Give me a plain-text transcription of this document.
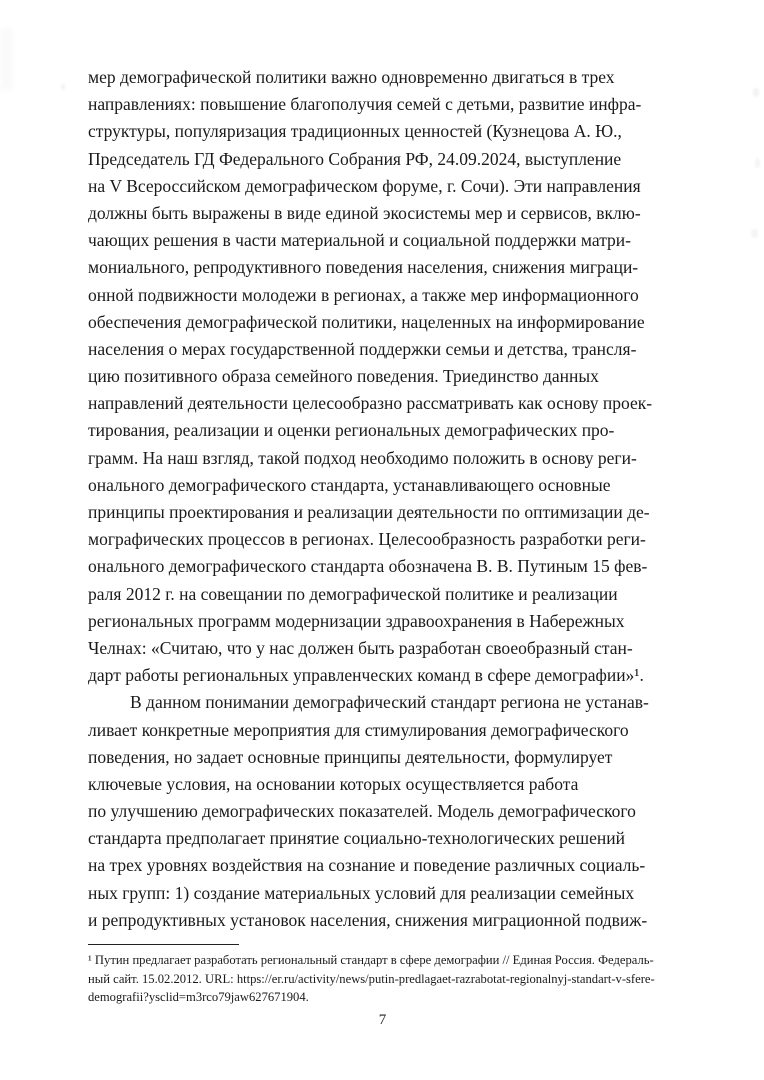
мер демографической политики важно одновременно двигаться в трех
направлениях: повышение благополучия семей с детьми, развитие инфра-
структуры, популяризация традиционных ценностей (Кузнецова А. Ю.,
Председатель ГД Федерального Собрания РФ, 24.09.2024, выступление
на V Всероссийском демографическом форуме, г. Сочи). Эти направления
должны быть выражены в виде единой экосистемы мер и сервисов, вклю-
чающих решения в части материальной и социальной поддержки матри-
мониального, репродуктивного поведения населения, снижения миграци-
онной подвижности молодежи в регионах, а также мер информационного
обеспечения демографической политики, нацеленных на информирование
населения о мерах государственной поддержки семьи и детства, трансля-
цию позитивного образа семейного поведения. Триединство данных
направлений деятельности целесообразно рассматривать как основу проек-
тирования, реализации и оценки региональных демографических про-
грамм. На наш взгляд, такой подход необходимо положить в основу реги-
онального демографического стандарта, устанавливающего основные
принципы проектирования и реализации деятельности по оптимизации де-
мографических процессов в регионах. Целесообразность разработки реги-
онального демографического стандарта обозначена В. В. Путиным 15 фев-
раля 2012 г. на совещании по демографической политике и реализации
региональных программ модернизации здравоохранения в Набережных
Челнах: «Считаю, что у нас должен быть разработан своеобразный стан-
дарт работы региональных управленческих команд в сфере демографии»¹.
В данном понимании демографический стандарт региона не устанав-
ливает конкретные мероприятия для стимулирования демографического
поведения, но задает основные принципы деятельности, формулирует
ключевые условия, на основании которых осуществляется работа
по улучшению демографических показателей. Модель демографического
стандарта предполагает принятие социально-технологических решений
на трех уровнях воздействия на сознание и поведение различных социаль-
ных групп: 1) создание материальных условий для реализации семейных
и репродуктивных установок населения, снижения миграционной подвиж-
¹ Путин предлагает разработать региональный стандарт в сфере демографии // Единая Россия. Федераль-
ный сайт. 15.02.2012. URL: https://er.ru/activity/news/putin-predlagaet-razrabotat-regionalnyj-standart-v-sfere-
demografii?ysclid=m3rco79jaw627671904.
7
